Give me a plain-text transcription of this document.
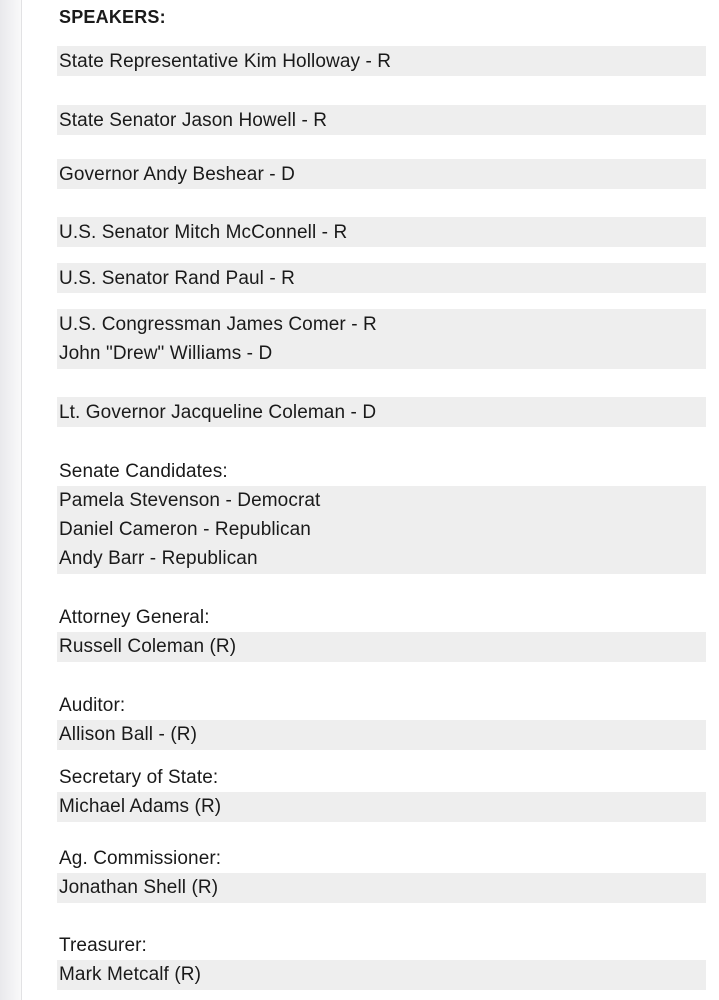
SPEAKERS:
State Representative Kim Holloway - R
State Senator Jason Howell - R
Governor Andy Beshear - D
U.S. Senator Mitch McConnell - R
U.S. Senator Rand Paul - R
U.S. Congressman James Comer - R
John "Drew" Williams - D
Lt. Governor Jacqueline Coleman - D
Senate Candidates:
Pamela Stevenson - Democrat
Daniel Cameron - Republican
Andy Barr - Republican
Attorney General:
Russell Coleman (R)
Auditor:
Allison Ball - (R)
Secretary of State:
Michael Adams (R)
Ag. Commissioner:
Jonathan Shell (R)
Treasurer:
Mark Metcalf (R)
